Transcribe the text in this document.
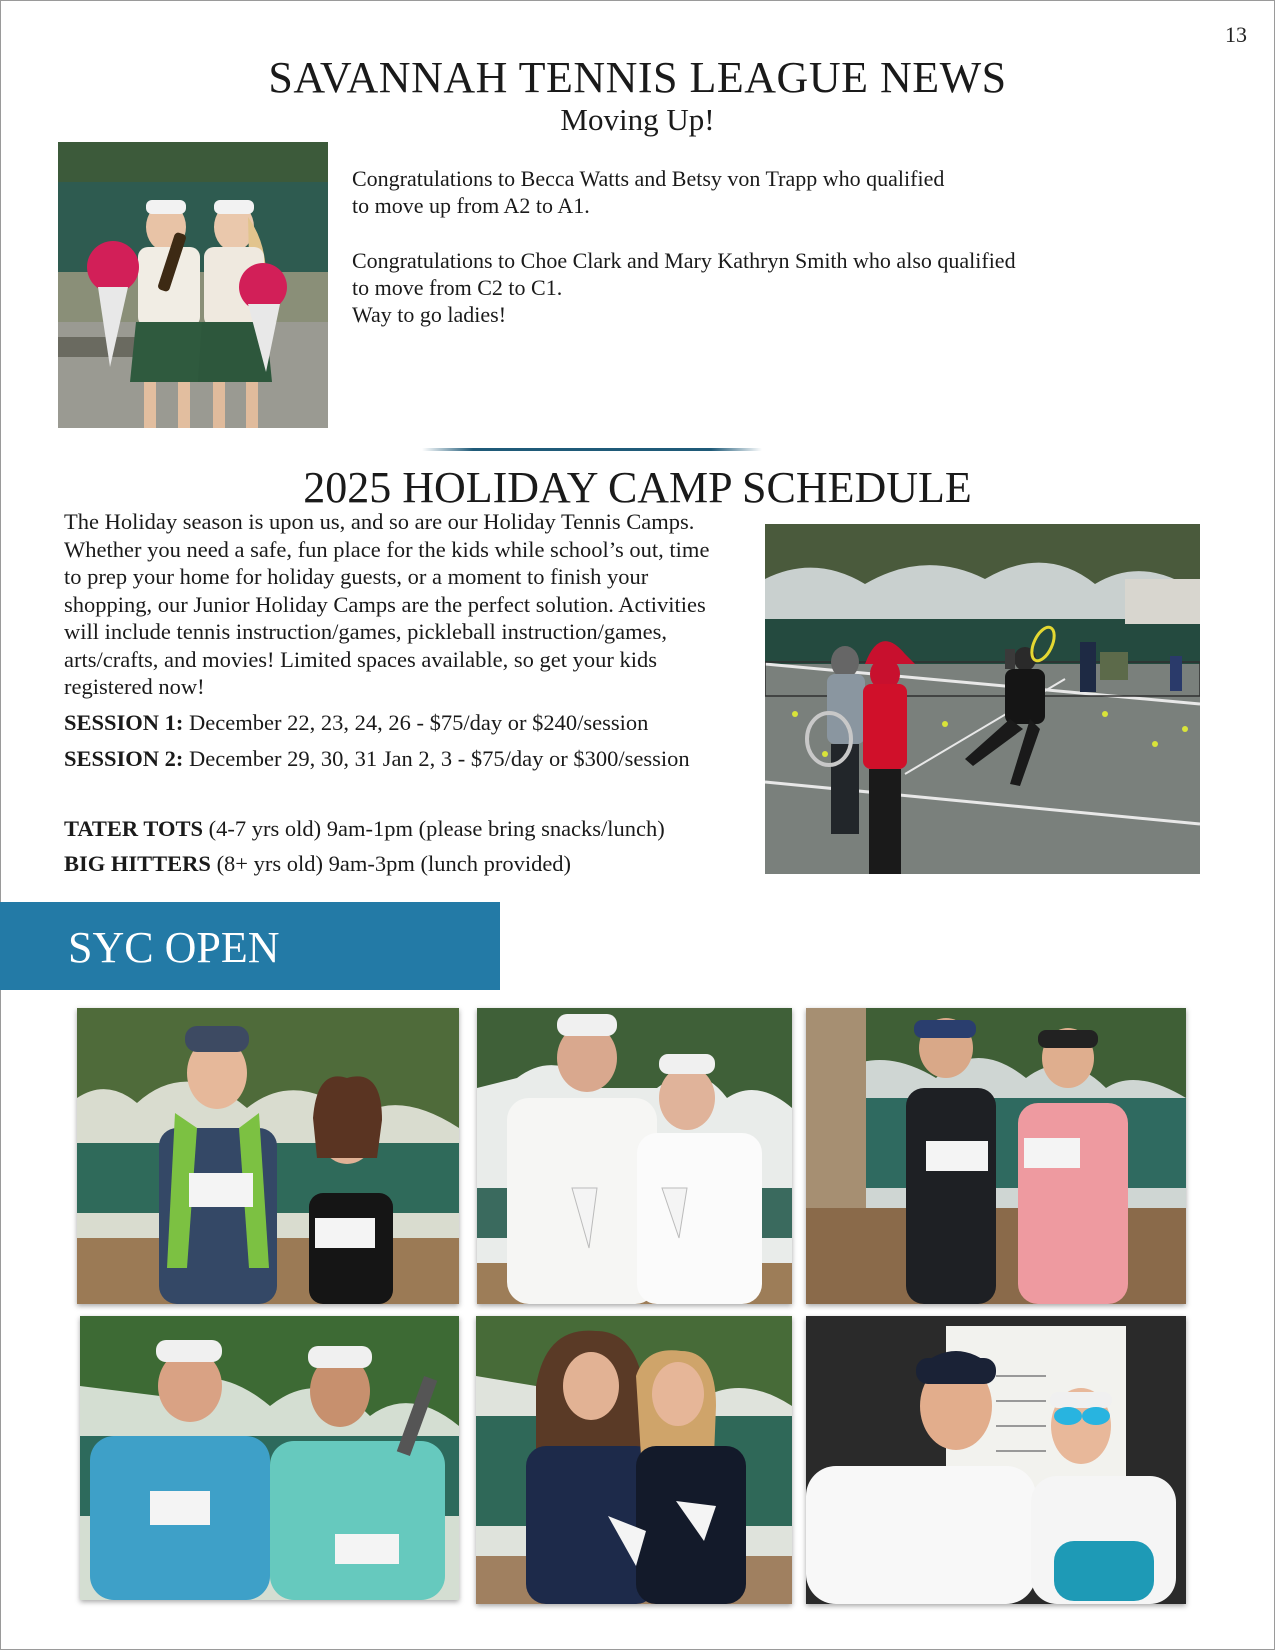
13
SAVANNAH TENNIS LEAGUE NEWS
Moving Up!
Congratulations to Becca Watts and Betsy von Trapp who qualified
to move up from A2 to A1.
Congratulations to Choe Clark and Mary Kathryn Smith who also qualified
to move from C2 to C1.
Way to go ladies!
2025 HOLIDAY CAMP SCHEDULE
The Holiday season is upon us, and so are our Holiday Tennis Camps.
Whether you need a safe, fun place for the kids while school’s out, time
to prep your home for holiday guests, or a moment to finish your
shopping, our Junior Holiday Camps are the perfect solution. Activities
will include tennis instruction/games, pickleball instruction/games,
arts/crafts, and movies! Limited spaces available, so get your kids
registered now!
SESSION 1: December 22, 23, 24, 26 - $75/day or $240/session
SESSION 2: December 29, 30, 31 Jan 2, 3 - $75/day or $300/session
TATER TOTS (4-7 yrs old) 9am-1pm (please bring snacks/lunch)
BIG HITTERS (8+ yrs old) 9am-3pm (lunch provided)
SYC OPEN
